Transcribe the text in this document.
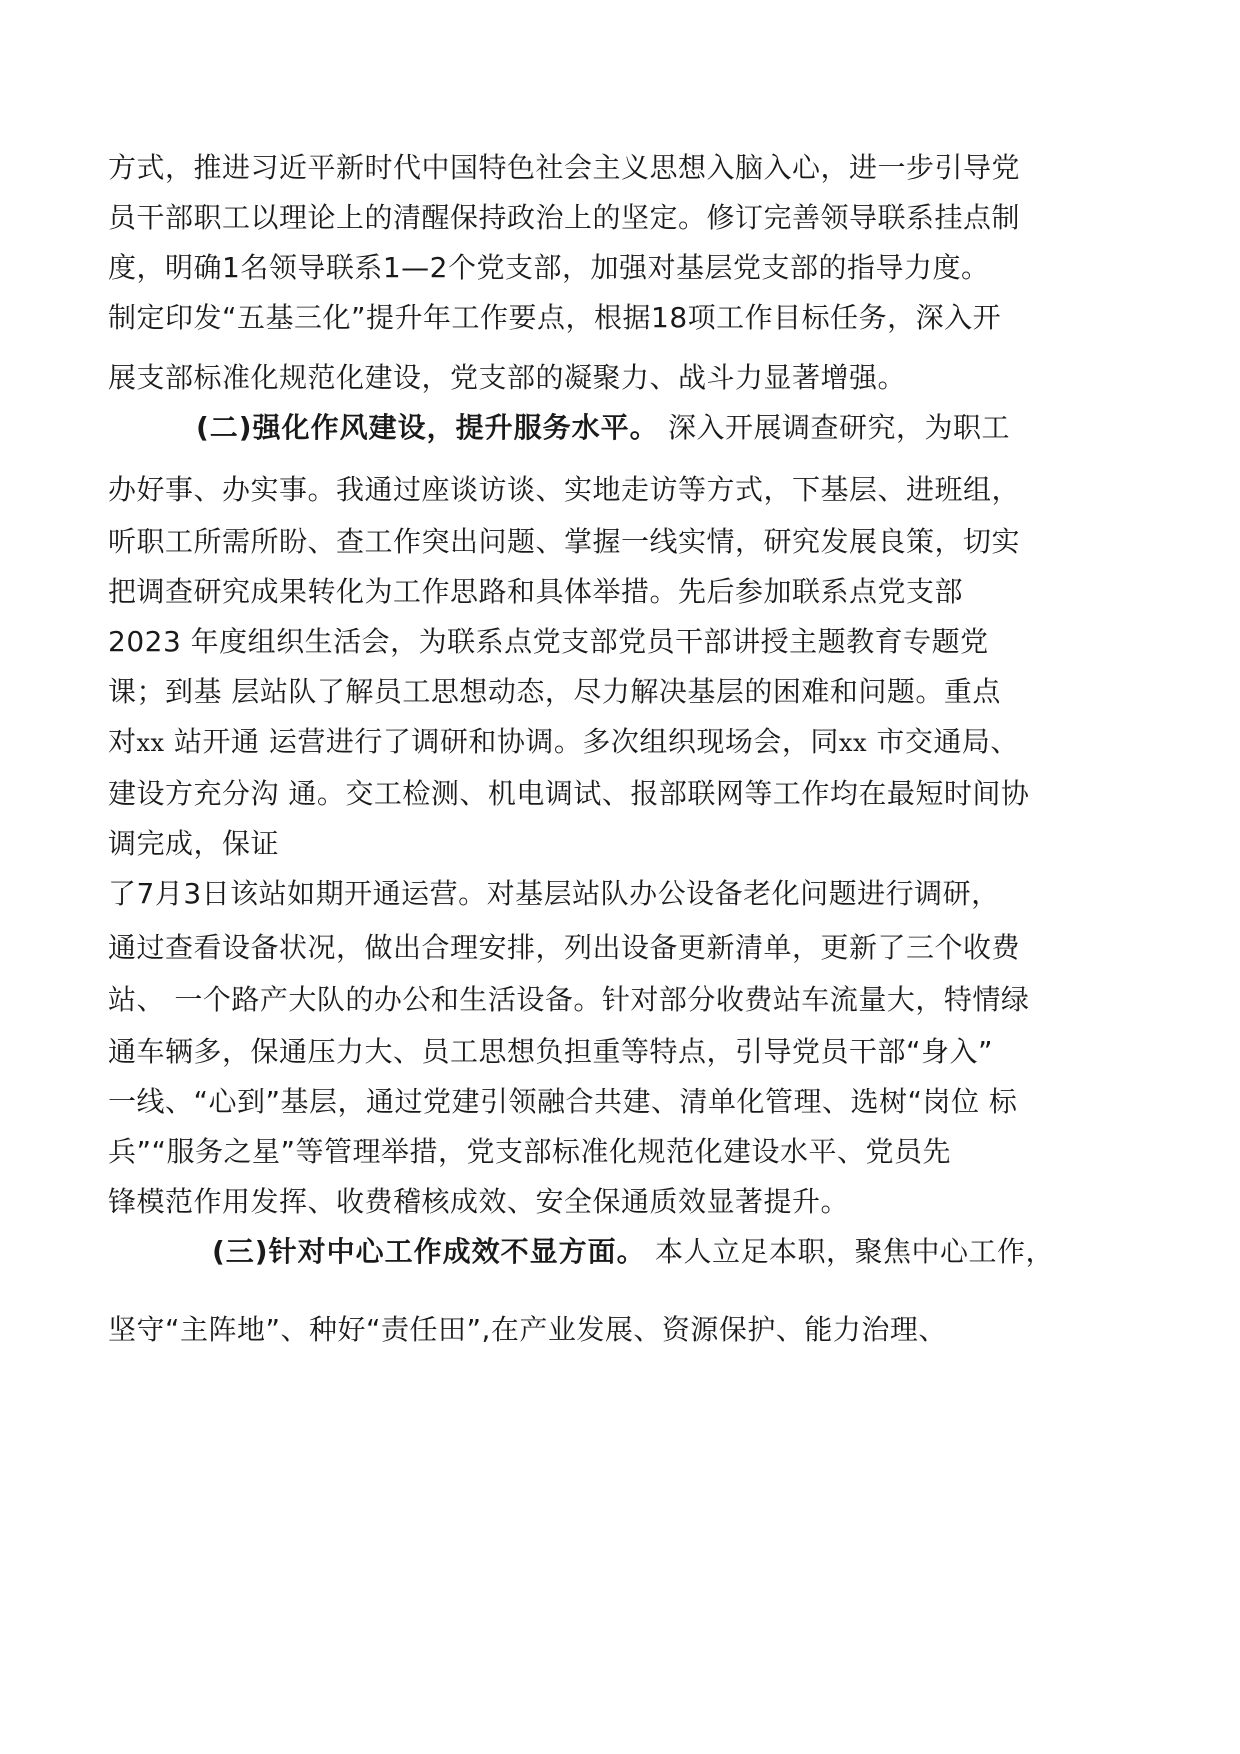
方式，推进习近平新时代中国特色社会主义思想入脑入心，进一步引导党
员干部职工以理论上的清醒保持政治上的坚定。修订完善领导联系挂点制
度，明确1名领导联系1—2个党支部，加强对基层党支部的指导力度。
制定印发“五基三化”提升年工作要点，根据18项工作目标任务，深入开
展支部标准化规范化建设，党支部的凝聚力、战斗力显著增强。
(二)强化作风建设，提升服务水平。 深入开展调查研究，为职工
办好事、办实事。我通过座谈访谈、实地走访等方式，下基层、进班组，
听职工所需所盼、查工作突出问题、掌握一线实情，研究发展良策，切实
把调查研究成果转化为工作思路和具体举措。先后参加联系点党支部
2023 年度组织生活会，为联系点党支部党员干部讲授主题教育专题党
课；到基 层站队了解员工思想动态，尽力解决基层的困难和问题。重点
对xx 站开通 运营进行了调研和协调。多次组织现场会，同xx 市交通局、
建设方充分沟 通。交工检测、机电调试、报部联网等工作均在最短时间协
调完成，保证
了7月3日该站如期开通运营。对基层站队办公设备老化问题进行调研，
通过查看设备状况，做出合理安排，列出设备更新清单，更新了三个收费
站、 一个路产大队的办公和生活设备。针对部分收费站车流量大，特情绿
通车辆多，保通压力大、员工思想负担重等特点，引导党员干部“身入”
一线、“心到”基层，通过党建引领融合共建、清单化管理、选树“岗位 标
兵”“服务之星”等管理举措，党支部标准化规范化建设水平、党员先
锋模范作用发挥、收费稽核成效、安全保通质效显著提升。
(三)针对中心工作成效不显方面。 本人立足本职，聚焦中心工作，
坚守“主阵地”、种好“责任田”,在产业发展、资源保护、能力治理、
